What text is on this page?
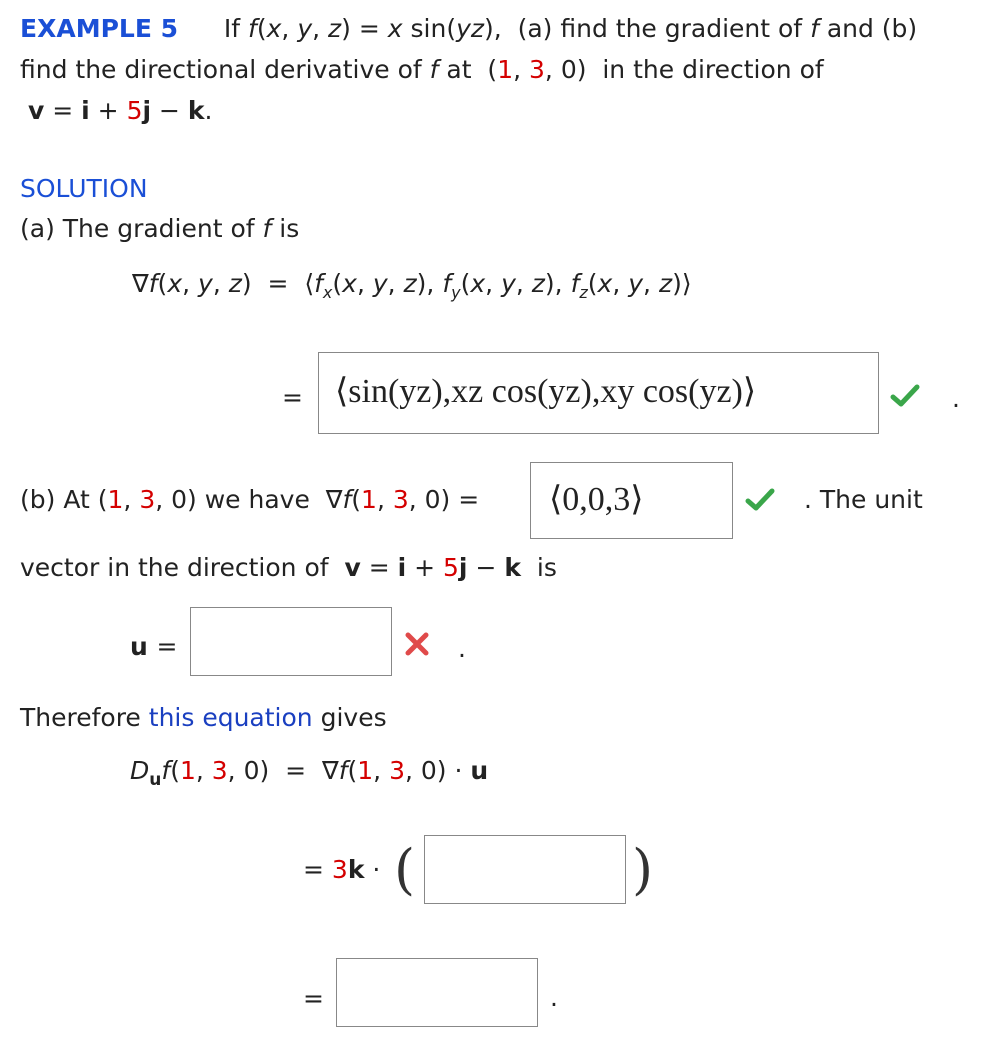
EXAMPLE 5 If f(x, y, z) = x sin(yz),  (a) find the gradient of f and (b)
find the directional derivative of f at  (1, 3, 0)  in the direction of
v = i + 5j − k.
SOLUTION
(a) The gradient of f is
∇f(x, y, $z) = ⟨f_x(x$, y, z), $f_y(x$, y, z), $f_z(x$, y, z)⟩
= ⟨sin(yz),xz cos(yz),xy cos(yz)⟩	.
(b) At (1, 3, 0) we have  ∇f(1, 3, 0) = ⟨0,0,3⟩	. The unit
vector in the direction of  v = i + 5j − k  is
u =	.
Therefore this equation gives
$D_uf(1$, 3, 0)  =  ∇f(1, 3, 0) · u
= 3k · (	)
=	.
